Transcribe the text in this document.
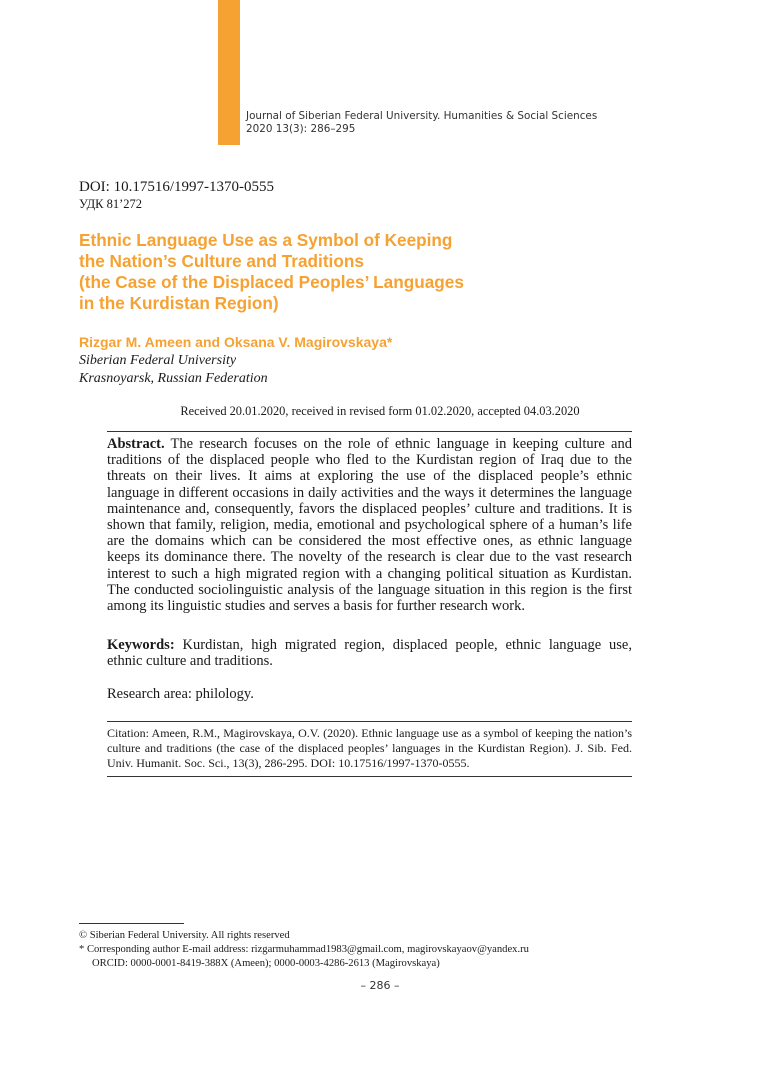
Journal of Siberian Federal University. Humanities & Social Sciences
2020 13(3): 286–295
DOI: 10.17516/1997-1370-0555
УДК 81’272
Ethnic Language Use as a Symbol of Keeping
the Nation’s Culture and Traditions
(the Case of the Displaced Peoples’ Languages
in the Kurdistan Region)
Rizgar M. Ameen and Oksana V. Magirovskaya*
Siberian Federal University
Krasnoyarsk, Russian Federation
Received 20.01.2020, received in revised form 01.02.2020, accepted 04.03.2020

Abstract. The research focuses on the role of ethnic language in keeping culture and traditions of the displaced people who fled to the Kurdistan region of Iraq due to the threats on their lives. It aims at exploring the use of the displaced people’s ethnic language in different occasions in daily activities and the ways it determines the language maintenance and, consequently, favors the displaced peoples’ culture and traditions. It is shown that family, religion, media, emotional and psychological sphere of a human’s life are the domains which can be considered the most effective ones, as ethnic language keeps its dominance there. The novelty of the research is clear due to the vast research interest to such a high migrated region with a changing political situation as Kurdistan. The conducted sociolinguistic analysis of the language situation in this region is the first among its linguistic studies and serves a basis for further research work.

Keywords: Kurdistan, high migrated region, displaced people, ethnic language use, ethnic culture and traditions.

Research area: philology.

Citation: Ameen, R.M., Magirovskaya, O.V. (2020). Ethnic language use as a symbol of keeping the nation’s culture and traditions (the case of the displaced peoples’ languages in the Kurdistan Region). J. Sib. Fed. Univ. Humanit. Soc. Sci., 13(3), 286-295. DOI: 10.17516/1997-1370-0555.

© Siberian Federal University. All rights reserved
* Corresponding author E-mail address: rizgarmuhammad1983@gmail.com, magirovskayaov@yandex.ru
ORCID: 0000-0001-8419-388X (Ameen); 0000-0003-4286-2613 (Magirovskaya)
– 286 –
